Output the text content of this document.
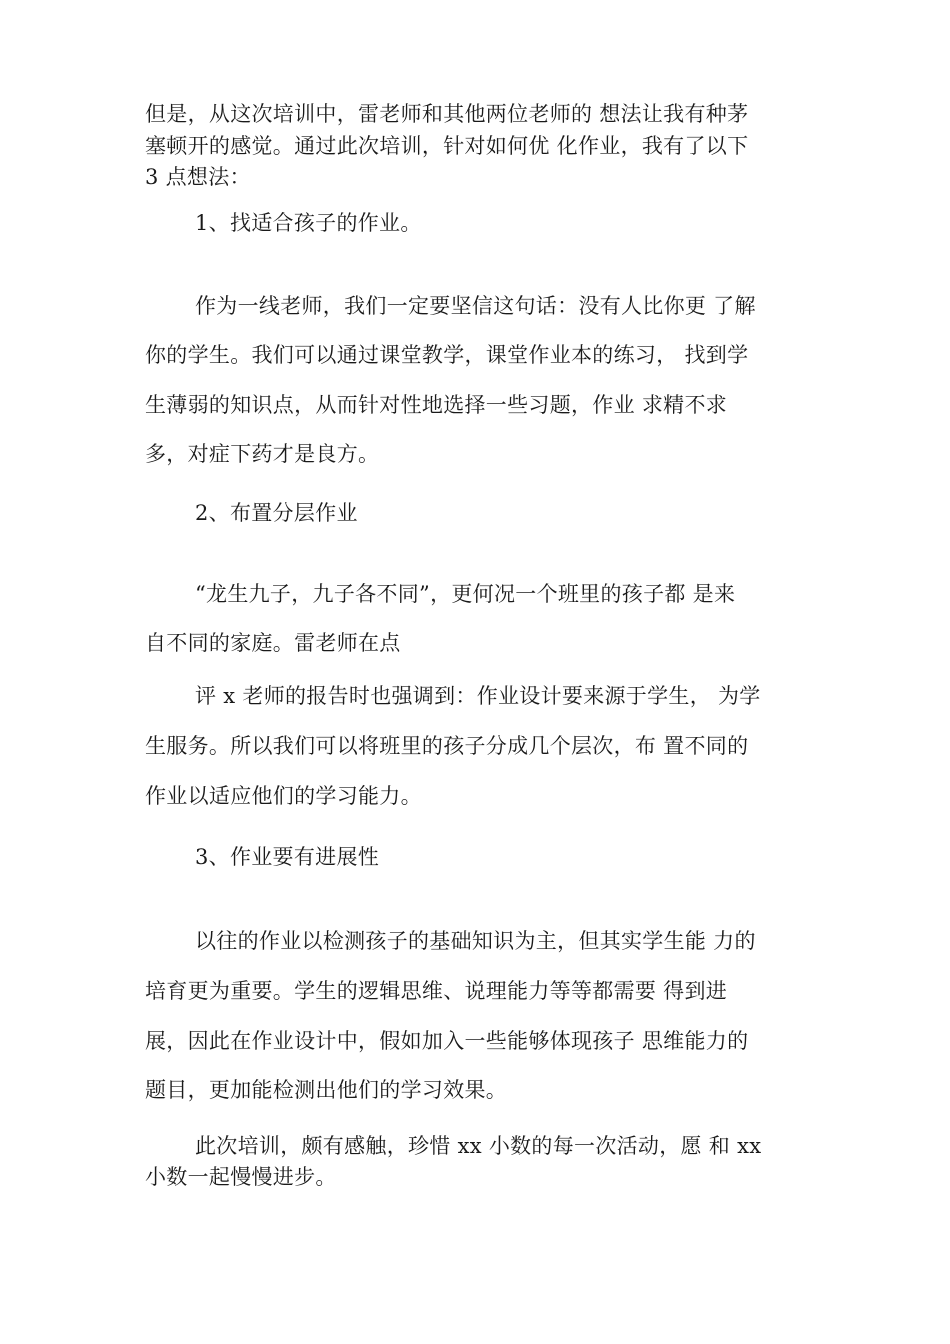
但是，从这次培训中，雷老师和其他两位老师的 想法让我有种茅
塞顿开的感觉。通过此次培训，针对如何优 化作业，我有了以下
3 点想法：
1、找适合孩子的作业。
作为一线老师，我们一定要坚信这句话：没有人比你更 了解
你的学生。我们可以通过课堂教学，课堂作业本的练习， 找到学
生薄弱的知识点，从而针对性地选择一些习题，作业 求精不求
多，对症下药才是良方。
2、布置分层作业
“龙生九子，九子各不同”，更何况一个班里的孩子都 是来
自不同的家庭。雷老师在点
评 x 老师的报告时也强调到：作业设计要来源于学生， 为学
生服务。所以我们可以将班里的孩子分成几个层次，布 置不同的
作业以适应他们的学习能力。
3、作业要有进展性
以往的作业以检测孩子的基础知识为主，但其实学生能 力的
培育更为重要。学生的逻辑思维、说理能力等等都需要 得到进
展，因此在作业设计中，假如加入一些能够体现孩子 思维能力的
题目，更加能检测出他们的学习效果。
此次培训，颇有感触，珍惜 xx 小数的每一次活动，愿 和 xx
小数一起慢慢进步。
